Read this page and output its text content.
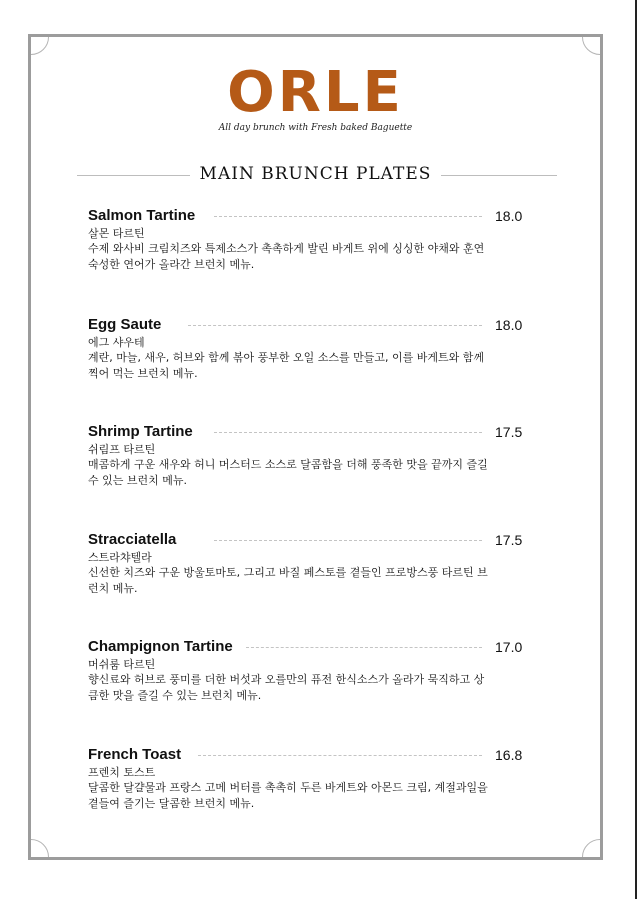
ORLE
All day brunch with Fresh baked Baguette
MAIN BRUNCH PLATES
Salmon Tartine	18.0
살몬 타르틴
수제 와사비 크림치즈와 특제소스가 촉촉하게 발린 바게트 위에 싱싱한 야채와 훈연 숙성한 연어가 올라간 브런치 메뉴.
Egg Saute	18.0
에그 샤우테
계란, 마늘, 새우, 허브와 함께 볶아 풍부한 오일 소스를 만들고, 이를 바게트와 함께 찍어 먹는 브런치 메뉴.
Shrimp Tartine	17.5
쉬림프 타르틴
매콤하게 구운 새우와 허니 머스터드 소스로 달콤함을 더해 풍족한 맛을 끝까지 즐길 수 있는 브런치 메뉴.
Stracciatella	17.5
스트라챠텔라
신선한 치즈와 구운 방울토마토, 그리고 바질 페스토를 곁들인 프로방스풍 타르틴 브런치 메뉴.
Champignon Tartine	17.0
머쉬룸 타르틴
향신료와 허브로 풍미를 더한 버섯과 오를만의 퓨전 한식소스가 올라가 묵직하고 상큼한 맛을 즐길 수 있는 브런치 메뉴.
French Toast	16.8
프렌치 토스트
달콤한 달걀물과 프랑스 고메 버터를 촉촉히 두른 바게트와 아몬드 크림, 계절과일을 곁들여 즐기는 달콤한 브런치 메뉴.
